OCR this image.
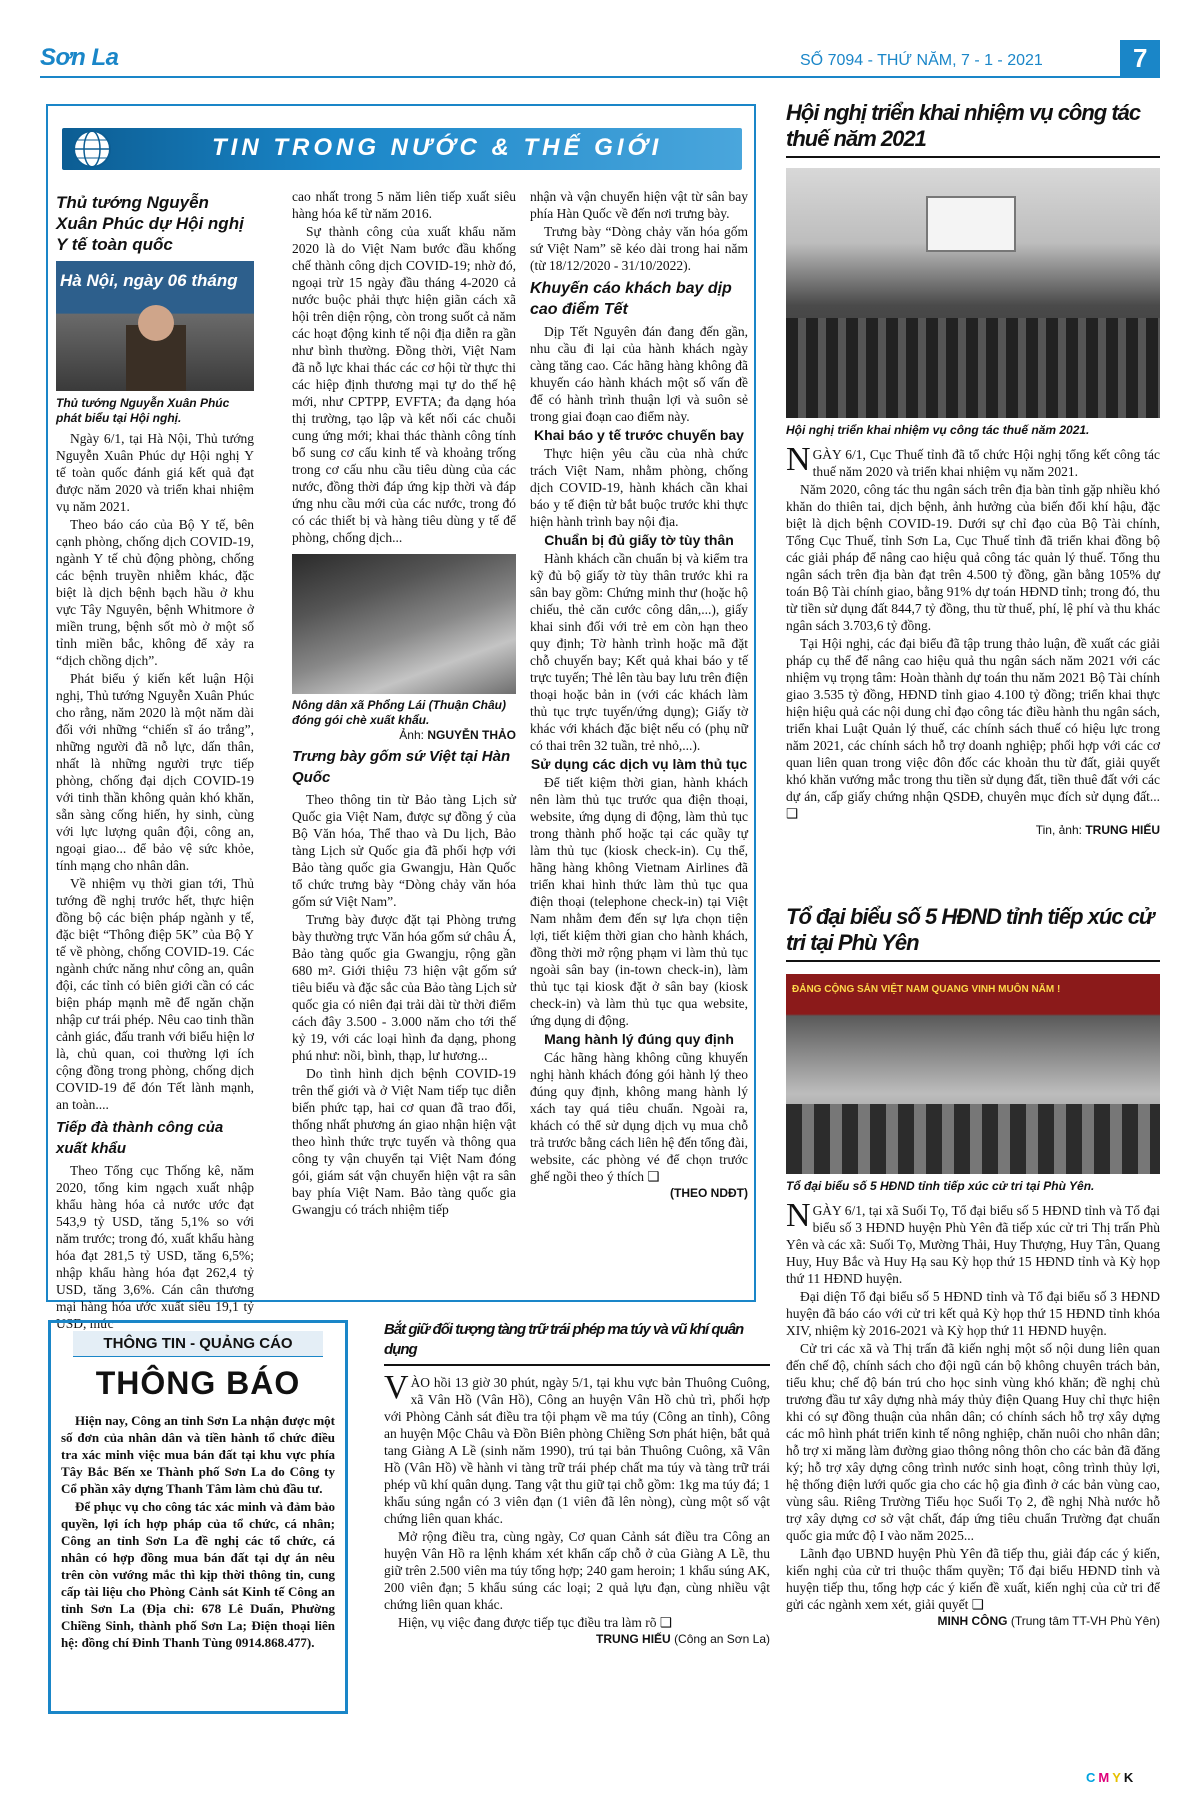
Sơn La	SỐ 7094 - THỨ NĂM, 7 - 1 - 2021	7
TIN TRONG NƯỚC & THẾ GIỚI
Thủ tướng Nguyễn Xuân Phúc dự Hội nghị Y tế toàn quốc
Hà Nội, ngày 06 tháng
Thủ tướng Nguyễn Xuân Phúc phát biểu tại Hội nghị.

Ngày 6/1, tại Hà Nội, Thủ tướng Nguyễn Xuân Phúc dự Hội nghị Y tế toàn quốc đánh giá kết quả đạt được năm 2020 và triển khai nhiệm vụ năm 2021.

Theo báo cáo của Bộ Y tế, bên cạnh phòng, chống dịch COVID-19, ngành Y tế chủ động phòng, chống các bệnh truyền nhiễm khác, đặc biệt là dịch bệnh bạch hầu ở khu vực Tây Nguyên, bệnh Whitmore ở miền trung, bệnh sốt mò ở một số tỉnh miền bắc, không để xảy ra “dịch chồng dịch”.

Phát biểu ý kiến kết luận Hội nghị, Thủ tướng Nguyễn Xuân Phúc cho rằng, năm 2020 là một năm dài đối với những “chiến sĩ áo trắng”, những người đã nỗ lực, dấn thân, nhất là những người trực tiếp phòng, chống đại dịch COVID-19 với tinh thần không quản khó khăn, sẵn sàng cống hiến, hy sinh, cùng với lực lượng quân đội, công an, ngoại giao... để bảo vệ sức khỏe, tính mạng cho nhân dân.

Về nhiệm vụ thời gian tới, Thủ tướng đề nghị trước hết, thực hiện đồng bộ các biện pháp ngành y tế, đặc biệt “Thông điệp 5K” của Bộ Y tế về phòng, chống COVID-19. Các ngành chức năng như công an, quân đội, các tỉnh có biên giới cần có các biện pháp mạnh mẽ để ngăn chặn nhập cư trái phép. Nêu cao tinh thần cảnh giác, đấu tranh với biểu hiện lơ là, chủ quan, coi thường lợi ích cộng đồng trong phòng, chống dịch COVID-19 để đón Tết lành mạnh, an toàn....

Tiếp đà thành công của xuất khẩu

Theo Tổng cục Thống kê, năm 2020, tổng kim ngạch xuất nhập khẩu hàng hóa cả nước ước đạt 543,9 tỷ USD, tăng 5,1% so với năm trước; trong đó, xuất khẩu hàng hóa đạt 281,5 tỷ USD, tăng 6,5%; nhập khẩu hàng hóa đạt 262,4 tỷ USD, tăng 3,6%. Cán cân thương mại hàng hóa ước xuất siêu 19,1 tỷ USD, mức

cao nhất trong 5 năm liên tiếp xuất siêu hàng hóa kể từ năm 2016.

Sự thành công của xuất khẩu năm 2020 là do Việt Nam bước đầu khống chế thành công dịch COVID-19; nhờ đó, ngoại trừ 15 ngày đầu tháng 4-2020 cả nước buộc phải thực hiện giãn cách xã hội trên diện rộng, còn trong suốt cả năm các hoạt động kinh tế nội địa diễn ra gần như bình thường. Đồng thời, Việt Nam đã nỗ lực khai thác các cơ hội từ thực thi các hiệp định thương mại tự do thế hệ mới, như CPTPP, EVFTA; đa dạng hóa thị trường, tạo lập và kết nối các chuỗi cung ứng mới; khai thác thành công tính bổ sung cơ cấu kinh tế và khoảng trống trong cơ cấu nhu cầu tiêu dùng của các nước, đồng thời đáp ứng kịp thời và đáp ứng nhu cầu mới của các nước, trong đó có các thiết bị và hàng tiêu dùng y tế để phòng, chống dịch...

Nông dân xã Phổng Lái (Thuận Châu) đóng gói chè xuất khẩu.
Ảnh: NGUYỄN THẢO
Trưng bày gốm sứ Việt tại Hàn Quốc

Theo thông tin từ Bảo tàng Lịch sử Quốc gia Việt Nam, được sự đồng ý của Bộ Văn hóa, Thể thao và Du lịch, Bảo tàng Lịch sử Quốc gia đã phối hợp với Bảo tàng quốc gia Gwangju, Hàn Quốc tổ chức trưng bày “Dòng chảy văn hóa gốm sứ Việt Nam”.

Trưng bày được đặt tại Phòng trưng bày thường trực Văn hóa gốm sứ châu Á, Bảo tàng quốc gia Gwangju, rộng gần 680 m². Giới thiệu 73 hiện vật gốm sứ tiêu biểu và đặc sắc của Bảo tàng Lịch sử quốc gia có niên đại trải dài từ thời điểm cách đây 3.500 - 3.000 năm cho tới thế kỷ 19, với các loại hình đa dạng, phong phú như: nồi, bình, thạp, lư hương...

Do tình hình dịch bệnh COVID-19 trên thế giới và ở Việt Nam tiếp tục diễn biến phức tạp, hai cơ quan đã trao đổi, thống nhất phương án giao nhận hiện vật theo hình thức trực tuyến và thông qua công ty vận chuyển tại Việt Nam đóng gói, giám sát vận chuyển hiện vật ra sân bay phía Việt Nam. Bảo tàng quốc gia Gwangju có trách nhiệm tiếp

nhận và vận chuyển hiện vật từ sân bay phía Hàn Quốc về đến nơi trưng bày.

Trưng bày “Dòng chảy văn hóa gốm sứ Việt Nam” sẽ kéo dài trong hai năm (từ 18/12/2020 - 31/10/2022).

Khuyến cáo khách bay dịp cao điểm Tết

Dịp Tết Nguyên đán đang đến gần, nhu cầu đi lại của hành khách ngày càng tăng cao. Các hãng hàng không đã khuyến cáo hành khách một số vấn đề để có hành trình thuận lợi và suôn sẻ trong giai đoạn cao điểm này.

Khai báo y tế trước chuyến bay

Thực hiện yêu cầu của nhà chức trách Việt Nam, nhằm phòng, chống dịch COVID-19, hành khách cần khai báo y tế điện tử bắt buộc trước khi thực hiện hành trình bay nội địa.

Chuẩn bị đủ giấy tờ tùy thân

Hành khách cần chuẩn bị và kiểm tra kỹ đủ bộ giấy tờ tùy thân trước khi ra sân bay gồm: Chứng minh thư (hoặc hộ chiếu, thẻ căn cước công dân,...), giấy khai sinh đối với trẻ em còn hạn theo quy định; Tờ hành trình hoặc mã đặt chỗ chuyến bay; Kết quả khai báo y tế trực tuyến; Thẻ lên tàu bay lưu trên điện thoại hoặc bản in (với các khách làm thủ tục trực tuyến/ứng dụng); Giấy tờ khác với khách đặc biệt nếu có (phụ nữ có thai trên 32 tuần, trẻ nhỏ,...).

Sử dụng các dịch vụ làm thủ tục

Để tiết kiệm thời gian, hành khách nên làm thủ tục trước qua điện thoại, website, ứng dụng di động, làm thủ tục trong thành phố hoặc tại các quầy tự làm thủ tục (kiosk check-in). Cụ thể, hãng hàng không Vietnam Airlines đã triển khai hình thức làm thủ tục qua điện thoại (telephone check-in) tại Việt Nam nhằm đem đến sự lựa chọn tiện lợi, tiết kiệm thời gian cho hành khách, đồng thời mở rộng phạm vi làm thủ tục ngoài sân bay (in-town check-in), làm thủ tục tại kiosk đặt ở sân bay (kiosk check-in) và làm thủ tục qua website, ứng dụng di động.

Mang hành lý đúng quy định

Các hãng hàng không cũng khuyến nghị hành khách đóng gói hành lý theo đúng quy định, không mang hành lý xách tay quá tiêu chuẩn. Ngoài ra, khách có thể sử dụng dịch vụ mua chỗ trả trước bằng cách liên hệ đến tổng đài, website, các phòng vé để chọn trước ghế ngồi theo ý thích ❑

(THEO NDĐT)
Hội nghị triển khai nhiệm vụ công tác thuế năm 2021
Hội nghị triển khai nhiệm vụ công tác thuế năm 2021.

NGÀY 6/1, Cục Thuế tỉnh đã tổ chức Hội nghị tổng kết công tác thuế năm 2020 và triển khai nhiệm vụ năm 2021.

Năm 2020, công tác thu ngân sách trên địa bàn tỉnh gặp nhiều khó khăn do thiên tai, dịch bệnh, ảnh hưởng của biến đổi khí hậu, đặc biệt là dịch bệnh COVID-19. Dưới sự chỉ đạo của Bộ Tài chính, Tổng Cục Thuế, tỉnh Sơn La, Cục Thuế tỉnh đã triển khai đồng bộ các giải pháp để nâng cao hiệu quả công tác quản lý thuế. Tổng thu ngân sách trên địa bàn đạt trên 4.500 tỷ đồng, gần bằng 105% dự toán Bộ Tài chính giao, bằng 91% dự toán HĐND tỉnh; trong đó, thu từ tiền sử dụng đất 844,7 tỷ đồng, thu từ thuế, phí, lệ phí và thu khác ngân sách 3.703,6 tỷ đồng.

Tại Hội nghị, các đại biểu đã tập trung thảo luận, đề xuất các giải pháp cụ thể để nâng cao hiệu quả thu ngân sách năm 2021 với các nhiệm vụ trọng tâm: Hoàn thành dự toán thu năm 2021 Bộ Tài chính giao 3.535 tỷ đồng, HĐND tỉnh giao 4.100 tỷ đồng; triển khai thực hiện hiệu quả các nội dung chỉ đạo công tác điều hành thu ngân sách, triển khai Luật Quản lý thuế, các chính sách thuế có hiệu lực trong năm 2021, các chính sách hỗ trợ doanh nghiệp; phối hợp với các cơ quan liên quan trong việc đôn đốc các khoản thu từ đất, giải quyết khó khăn vướng mắc trong thu tiền sử dụng đất, tiền thuê đất với các dự án, cấp giấy chứng nhận QSDĐ, chuyên mục đích sử dụng đất... ❑

Tin, ảnh: TRUNG HIẾU
Tổ đại biểu số 5 HĐND tỉnh tiếp xúc cử tri tại Phù Yên
ĐẢNG CỘNG SẢN VIỆT NAM QUANG VINH MUÔN NĂM !
Tổ đại biểu số 5 HĐND tỉnh tiếp xúc cử tri tại Phù Yên.

NGÀY 6/1, tại xã Suối Tọ, Tổ đại biểu số 5 HĐND tỉnh và Tổ đại biểu số 3 HĐND huyện Phù Yên đã tiếp xúc cử tri Thị trấn Phù Yên và các xã: Suối Tọ, Mường Thải, Huy Thượng, Huy Tân, Quang Huy, Huy Bắc và Huy Hạ sau Kỳ họp thứ 15 HĐND tỉnh và Kỳ họp thứ 11 HĐND huyện.

Đại diện Tổ đại biểu số 5 HĐND tỉnh và Tổ đại biểu số 3 HĐND huyện đã báo cáo với cử tri kết quả Kỳ họp thứ 15 HĐND tỉnh khóa XIV, nhiệm kỳ 2016-2021 và Kỳ họp thứ 11 HĐND huyện.

Cử tri các xã và Thị trấn đã kiến nghị một số nội dung liên quan đến chế độ, chính sách cho đội ngũ cán bộ không chuyên trách bản, tiểu khu; chế độ bán trú cho học sinh vùng khó khăn; đề nghị chủ trương đầu tư xây dựng nhà máy thủy điện Quang Huy chỉ thực hiện khi có sự đồng thuận của nhân dân; có chính sách hỗ trợ xây dựng các mô hình phát triển kinh tế nông nghiệp, chăn nuôi cho nhân dân; hỗ trợ xi măng làm đường giao thông nông thôn cho các bản đã đăng ký; hỗ trợ xây dựng công trình nước sinh hoạt, công trình thủy lợi, hệ thống điện lưới quốc gia cho các hộ gia đình ở các bản vùng cao, vùng sâu. Riêng Trường Tiểu học Suối Tọ 2, đề nghị Nhà nước hỗ trợ xây dựng cơ sở vật chất, đáp ứng tiêu chuẩn Trường đạt chuẩn quốc gia mức độ I vào năm 2025...

Lãnh đạo UBND huyện Phù Yên đã tiếp thu, giải đáp các ý kiến, kiến nghị của cử tri thuộc thẩm quyền; Tổ đại biểu HĐND tỉnh và huyện tiếp thu, tổng hợp các ý kiến đề xuất, kiến nghị của cử tri để gửi các ngành xem xét, giải quyết ❑

MINH CÔNG (Trung tâm TT-VH Phù Yên)
THÔNG TIN - QUẢNG CÁO
THÔNG BÁO

Hiện nay, Công an tỉnh Sơn La nhận được một số đơn của nhân dân và tiền hành tổ chức điều tra xác minh việc mua bán đất tại khu vực phía Tây Bắc Bến xe Thành phố Sơn La do Công ty Cổ phần xây dựng Thanh Tâm làm chủ đầu tư.

Để phục vụ cho công tác xác minh và đảm bảo quyền, lợi ích hợp pháp của tổ chức, cá nhân; Công an tỉnh Sơn La đề nghị các tổ chức, cá nhân có hợp đồng mua bán đất tại dự án nêu trên còn vướng mắc thì kịp thời thông tin, cung cấp tài liệu cho Phòng Cảnh sát Kinh tế Công an tỉnh Sơn La (Địa chỉ: 678 Lê Duẩn, Phường Chiềng Sinh, thành phố Sơn La; Điện thoại liên hệ: đồng chí Đinh Thanh Tùng 0914.868.477).

Bắt giữ đối tượng tàng trữ trái phép ma túy và vũ khí quân dụng

VÀO hồi 13 giờ 30 phút, ngày 5/1, tại khu vực bản Thuông Cuông, xã Vân Hồ (Vân Hồ), Công an huyện Vân Hồ chủ trì, phối hợp với Phòng Cảnh sát điều tra tội phạm về ma túy (Công an tỉnh), Công an huyện Mộc Châu và Đồn Biên phòng Chiềng Sơn phát hiện, bắt quả tang Giàng A Lề (sinh năm 1990), trú tại bản Thuông Cuông, xã Vân Hồ (Vân Hồ) về hành vi tàng trữ trái phép chất ma túy và tàng trữ trái phép vũ khí quân dụng. Tang vật thu giữ tại chỗ gồm: 1kg ma túy đá; 1 khẩu súng ngắn có 3 viên đạn (1 viên đã lên nòng), cùng một số vật chứng liên quan khác.

Mở rộng điều tra, cùng ngày, Cơ quan Cảnh sát điều tra Công an huyện Vân Hồ ra lệnh khám xét khẩn cấp chỗ ở của Giàng A Lề, thu giữ trên 2.500 viên ma túy tổng hợp; 240 gam heroin; 1 khẩu súng AK, 200 viên đạn; 5 khẩu súng các loại; 2 quả lựu đạn, cùng nhiều vật chứng liên quan khác.

Hiện, vụ việc đang được tiếp tục điều tra làm rõ ❑

TRUNG HIẾU (Công an Sơn La)
CMYK
